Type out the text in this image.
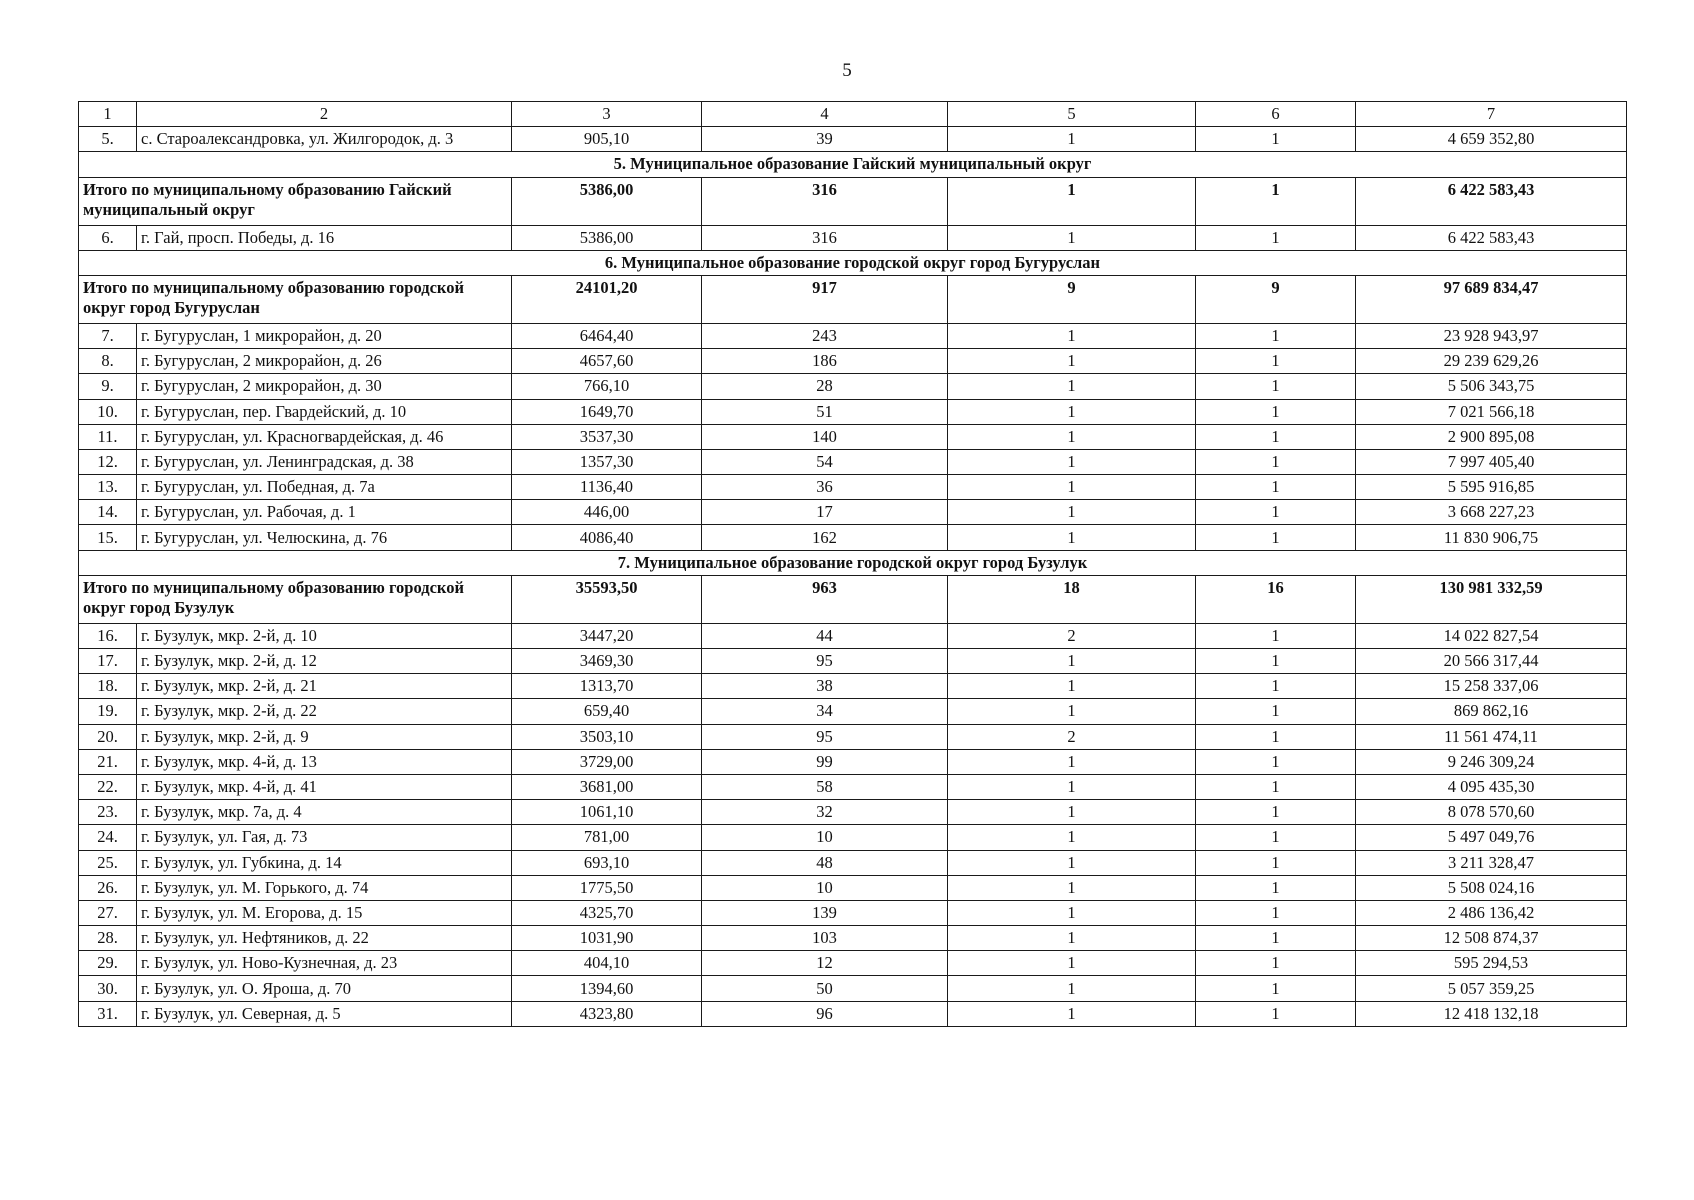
5
1	2	3	4	5	6	7
5.	с. Староалександровка, ул. Жилгородок, д. 3	905,10	39	1	1	4 659 352,80
5. Муниципальное образование Гайский муниципальный округ						
Итого по муниципальному образованию Гайский муниципальный округ		5386,00	316	1	1	6 422 583,43
6.	г. Гай, просп. Победы, д. 16	5386,00	316	1	1	6 422 583,43
6. Муниципальное образование городской округ город Бугуруслан						
Итого по муниципальному образованию городской округ город Бугуруслан		24101,20	917	9	9	97 689 834,47
7.	г. Бугуруслан, 1 микрорайон, д. 20	6464,40	243	1	1	23 928 943,97
8.	г. Бугуруслан, 2 микрорайон, д. 26	4657,60	186	1	1	29 239 629,26
9.	г. Бугуруслан, 2 микрорайон, д. 30	766,10	28	1	1	5 506 343,75
10.	г. Бугуруслан, пер. Гвардейский, д. 10	1649,70	51	1	1	7 021 566,18
11.	г. Бугуруслан, ул. Красногвардейская, д. 46	3537,30	140	1	1	2 900 895,08
12.	г. Бугуруслан, ул. Ленинградская, д. 38	1357,30	54	1	1	7 997 405,40
13.	г. Бугуруслан, ул. Победная, д. 7а	1136,40	36	1	1	5 595 916,85
14.	г. Бугуруслан, ул. Рабочая, д. 1	446,00	17	1	1	3 668 227,23
15.	г. Бугуруслан, ул. Челюскина, д. 76	4086,40	162	1	1	11 830 906,75
7. Муниципальное образование городской округ город Бузулук						
Итого по муниципальному образованию городской округ город Бузулук		35593,50	963	18	16	130 981 332,59
16.	г. Бузулук, мкр. 2-й, д. 10	3447,20	44	2	1	14 022 827,54
17.	г. Бузулук, мкр. 2-й, д. 12	3469,30	95	1	1	20 566 317,44
18.	г. Бузулук, мкр. 2-й, д. 21	1313,70	38	1	1	15 258 337,06
19.	г. Бузулук, мкр. 2-й, д. 22	659,40	34	1	1	869 862,16
20.	г. Бузулук, мкр. 2-й, д. 9	3503,10	95	2	1	11 561 474,11
21.	г. Бузулук, мкр. 4-й, д. 13	3729,00	99	1	1	9 246 309,24
22.	г. Бузулук, мкр. 4-й, д. 41	3681,00	58	1	1	4 095 435,30
23.	г. Бузулук, мкр. 7а, д. 4	1061,10	32	1	1	8 078 570,60
24.	г. Бузулук, ул. Гая, д. 73	781,00	10	1	1	5 497 049,76
25.	г. Бузулук, ул. Губкина, д. 14	693,10	48	1	1	3 211 328,47
26.	г. Бузулук, ул. М. Горького, д. 74	1775,50	10	1	1	5 508 024,16
27.	г. Бузулук, ул. М. Егорова, д. 15	4325,70	139	1	1	2 486 136,42
28.	г. Бузулук, ул. Нефтяников, д. 22	1031,90	103	1	1	12 508 874,37
29.	г. Бузулук, ул. Ново-Кузнечная, д. 23	404,10	12	1	1	595 294,53
30.	г. Бузулук, ул. О. Яроша, д. 70	1394,60	50	1	1	5 057 359,25
31.	г. Бузулук, ул. Северная, д. 5	4323,80	96	1	1	12 418 132,18
